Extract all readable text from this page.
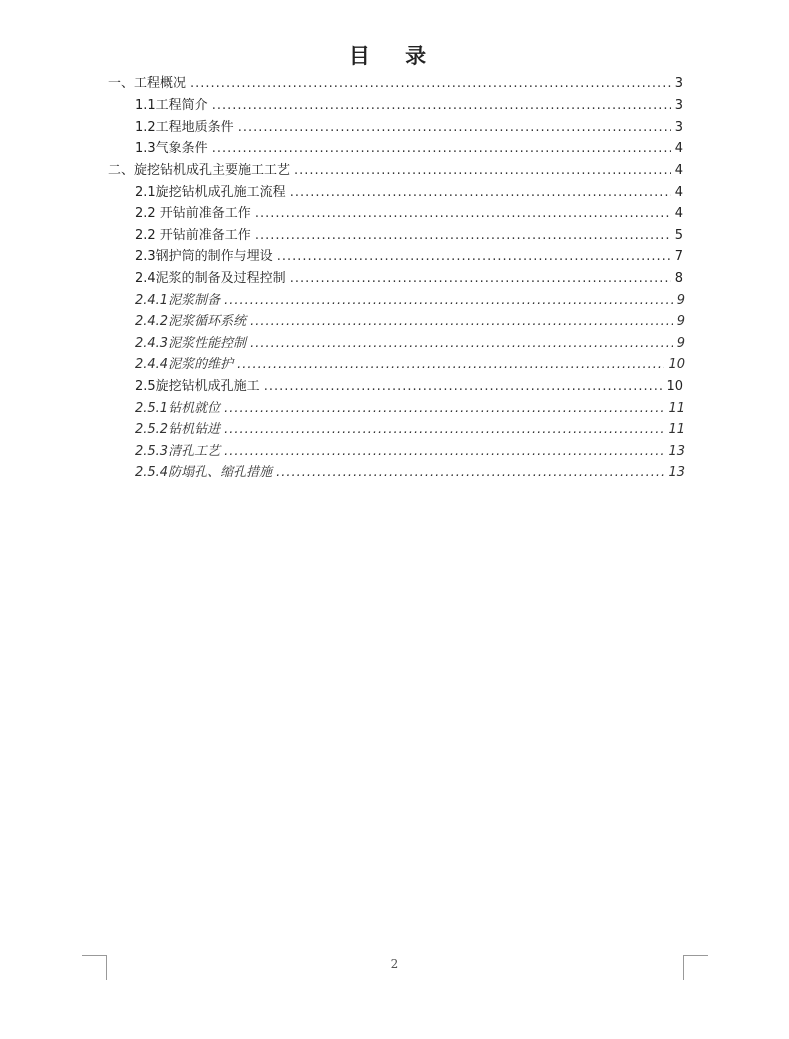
目 录
一、工程概况 .....	3
1.1工程简介 .....	3
1.2工程地质条件 .....	3
1.3气象条件 .....	4
二、旋挖钻机成孔主要施工工艺 .....	4
2.1旋挖钻机成孔施工流程 .....	4
2.2 开钻前准备工作 .....	4
2.2 开钻前准备工作 .....	5
2.3钢护筒的制作与埋设 .....	7
2.4泥浆的制备及过程控制 .....	8
2.4.1泥浆制备 .....	9
2.4.2泥浆循环系统 .....	9
2.4.3泥浆性能控制 .....	9
2.4.4泥浆的维护 .....	10
2.5旋挖钻机成孔施工 .....	10
2.5.1钻机就位 .....	11
2.5.2钻机钻进 .....	11
2.5.3清孔工艺 .....	13
2.5.4防塌孔、缩孔措施 .....	13
2
